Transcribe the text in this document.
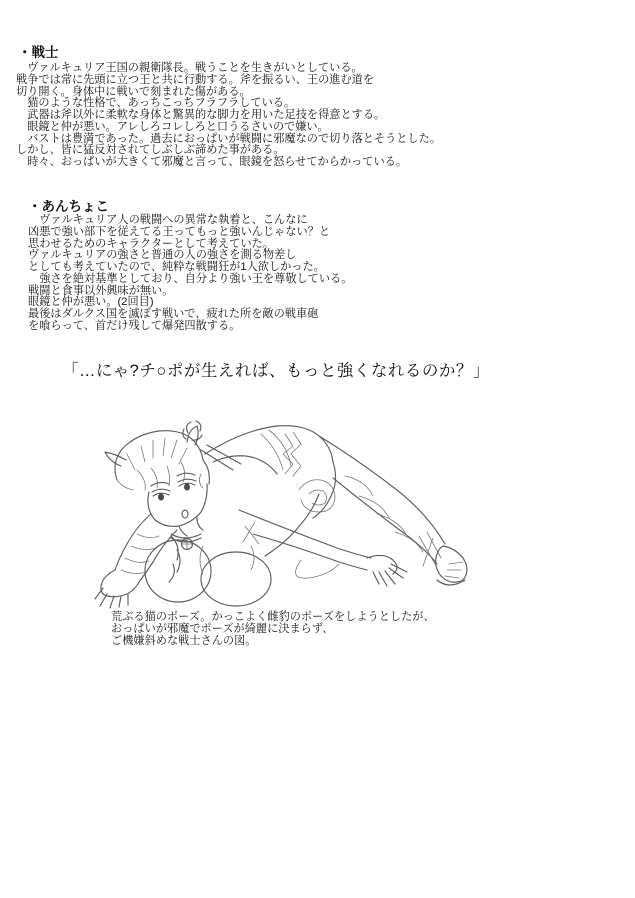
・戦士
　ヴァルキュリア王国の親衛隊長。戦うことを生きがいとしている。
戦争では常に先頭に立つ王と共に行動する。斧を振るい、王の進む道を
切り開く。身体中に戦いで刻まれた傷がある。
　猫のような性格で、あっちこっちフラフラしている。
　武器は斧以外に柔軟な身体と驚異的な脚力を用いた足技を得意とする。
　眼鏡と仲が悪い。アレしろコレしろと口うるさいので嫌い。
　バストは豊満であった。過去におっぱいが戦闘に邪魔なので切り落とそうとした。
しかし、皆に猛反対されてしぶしぶ諦めた事がある。
　時々、おっぱいが大きくて邪魔と言って、眼鏡を怒らせてからかっている。
・あんちょこ
　ヴァルキュリア人の戦闘への異常な執着と、こんなに
凶悪で強い部下を従えてる王ってもっと強いんじゃない？と
思わせるためのキャラクターとして考えていた。
ヴァルキュリアの強さと普通の人の強さを測る物差し
としても考えていたので、純粋な戦闘狂が1人欲しかった。
　強さを絶対基準としており、自分より強い王を尊敬している。
戦闘と食事以外興味が無い。
眼鏡と仲が悪い。(2回目)
最後はダルクス国を滅ぼす戦いで、疲れた所を敵の戦車砲
を喰らって、首だけ残して爆発四散する。
「…にゃ?チ○ポが生えれば、もっと強くなれるのか？」
荒ぶる猫のポーズ。かっこよく雌豹のポーズをしようとしたが、
おっぱいが邪魔でポーズが綺麗に決まらず、
ご機嫌斜めな戦士さんの図。
